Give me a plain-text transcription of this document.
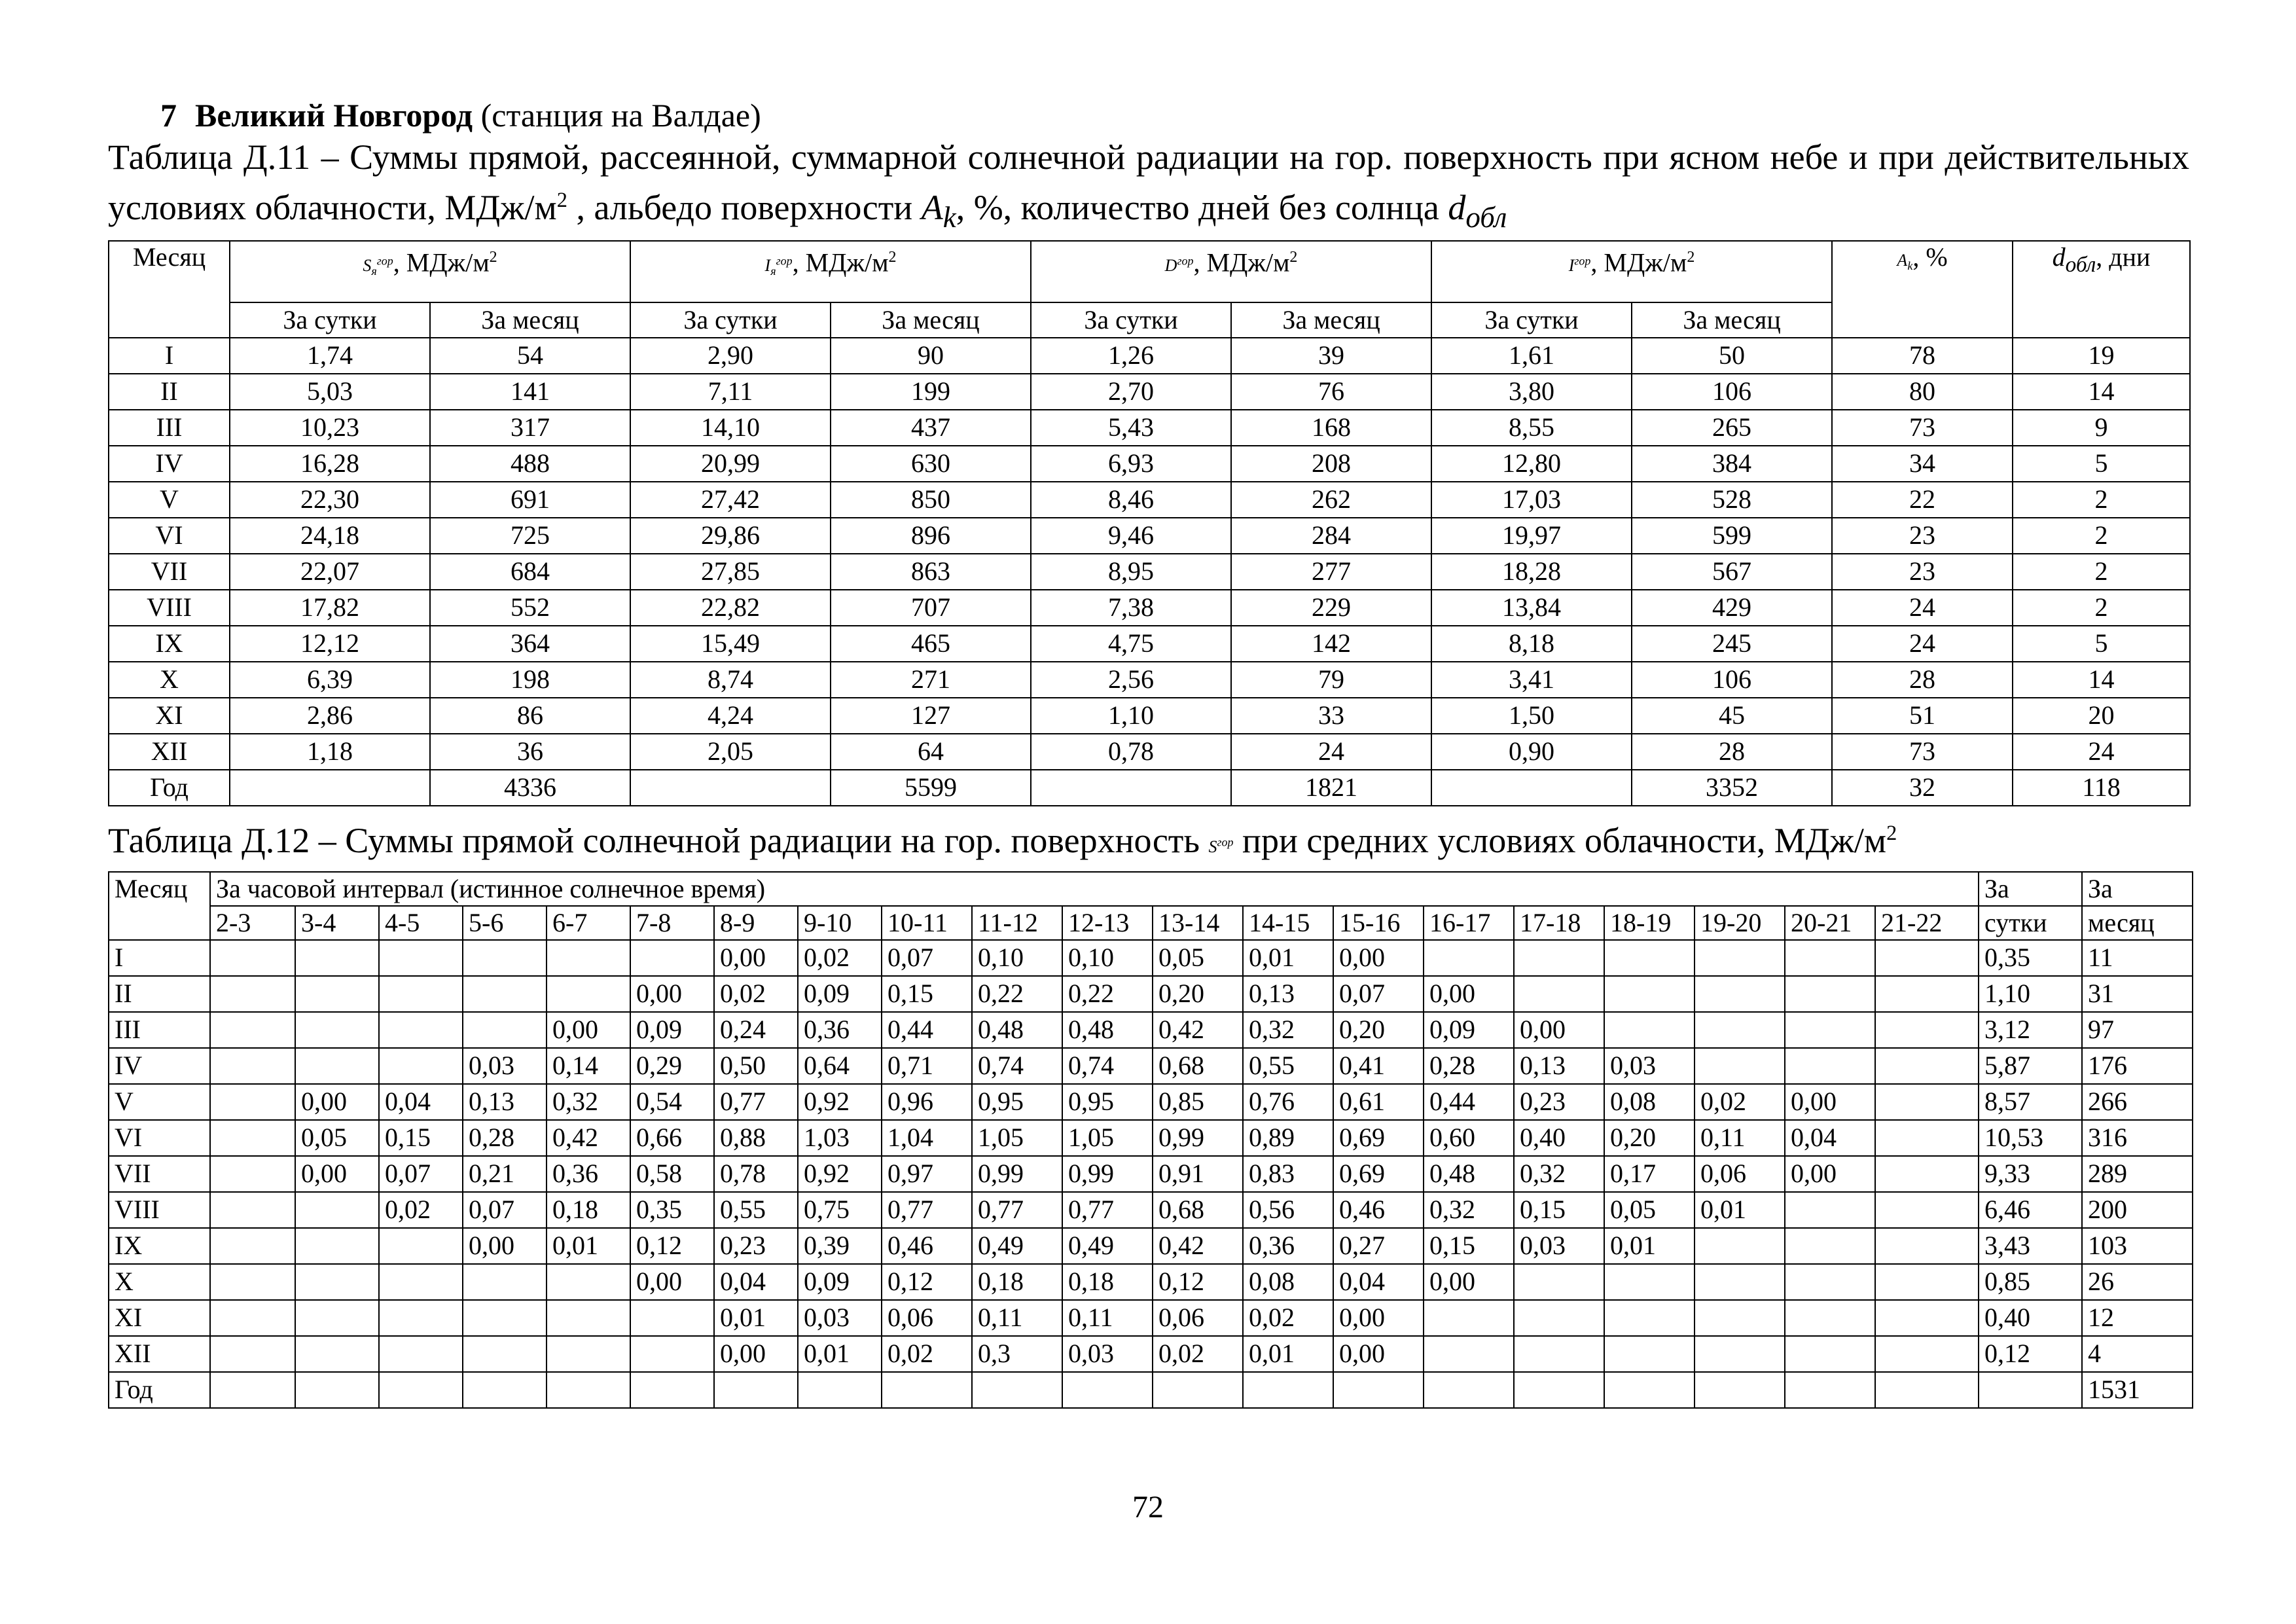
7 Великий Новгород (станция на Валдае)
Таблица Д.11 – Суммы прямой, рассеянной, суммарной солнечной радиации на гор. поверхность при ясном небе и при действительных условиях облачности, МДж/$м^2$ , альбедо поверхности $A_k$, %, количество дней без солнца $d_{обл}$
Месяц	$S_я^{гор}$, МДж/$м^2$		$I_я^{гор}$, МДж/$м^2$		$D^{гор}$, МДж/$м^2$		$I^{гор}$, МДж/$м^2$		$A_k$, %	$d_{обл}$, дни
	За сутки	За месяц	За сутки	За месяц	За сутки	За месяц	За сутки	За месяц		
I	1,74	54	2,90	90	1,26	39	1,61	50	78	19
II	5,03	141	7,11	199	2,70	76	3,80	106	80	14
III	10,23	317	14,10	437	5,43	168	8,55	265	73	9
IV	16,28	488	20,99	630	6,93	208	12,80	384	34	5
V	22,30	691	27,42	850	8,46	262	17,03	528	22	2
VI	24,18	725	29,86	896	9,46	284	19,97	599	23	2
VII	22,07	684	27,85	863	8,95	277	18,28	567	23	2
VIII	17,82	552	22,82	707	7,38	229	13,84	429	24	2
IX	12,12	364	15,49	465	4,75	142	8,18	245	24	5
X	6,39	198	8,74	271	2,56	79	3,41	106	28	14
XI	2,86	86	4,24	127	1,10	33	1,50	45	51	20
XII	1,18	36	2,05	64	0,78	24	0,90	28	73	24
Год		4336		5599		1821		3352	32	118
Таблица Д.12 – Суммы прямой солнечной радиации на гор. поверхность $S^{гор}$ при средних условиях облачности, МДж/$м^2$
Месяц	За часовой интервал (истинное солнечное время)																				За	За
	2-3	3-4	4-5	5-6	6-7	7-8	8-9	9-10	10-11	11-12	12-13	13-14	14-15	15-16	16-17	17-18	18-19	19-20	20-21	21-22	сутки	месяц
I							0,00	0,02	0,07	0,10	0,10	0,05	0,01	0,00							0,35	11
II						0,00	0,02	0,09	0,15	0,22	0,22	0,20	0,13	0,07	0,00						1,10	31
III					0,00	0,09	0,24	0,36	0,44	0,48	0,48	0,42	0,32	0,20	0,09	0,00					3,12	97
IV				0,03	0,14	0,29	0,50	0,64	0,71	0,74	0,74	0,68	0,55	0,41	0,28	0,13	0,03				5,87	176
V		0,00	0,04	0,13	0,32	0,54	0,77	0,92	0,96	0,95	0,95	0,85	0,76	0,61	0,44	0,23	0,08	0,02	0,00		8,57	266
VI		0,05	0,15	0,28	0,42	0,66	0,88	1,03	1,04	1,05	1,05	0,99	0,89	0,69	0,60	0,40	0,20	0,11	0,04		10,53	316
VII		0,00	0,07	0,21	0,36	0,58	0,78	0,92	0,97	0,99	0,99	0,91	0,83	0,69	0,48	0,32	0,17	0,06	0,00		9,33	289
VIII			0,02	0,07	0,18	0,35	0,55	0,75	0,77	0,77	0,77	0,68	0,56	0,46	0,32	0,15	0,05	0,01			6,46	200
IX				0,00	0,01	0,12	0,23	0,39	0,46	0,49	0,49	0,42	0,36	0,27	0,15	0,03	0,01				3,43	103
X						0,00	0,04	0,09	0,12	0,18	0,18	0,12	0,08	0,04	0,00						0,85	26
XI							0,01	0,03	0,06	0,11	0,11	0,06	0,02	0,00							0,40	12
XII							0,00	0,01	0,02	0,3	0,03	0,02	0,01	0,00							0,12	4
Год																						1531
72
